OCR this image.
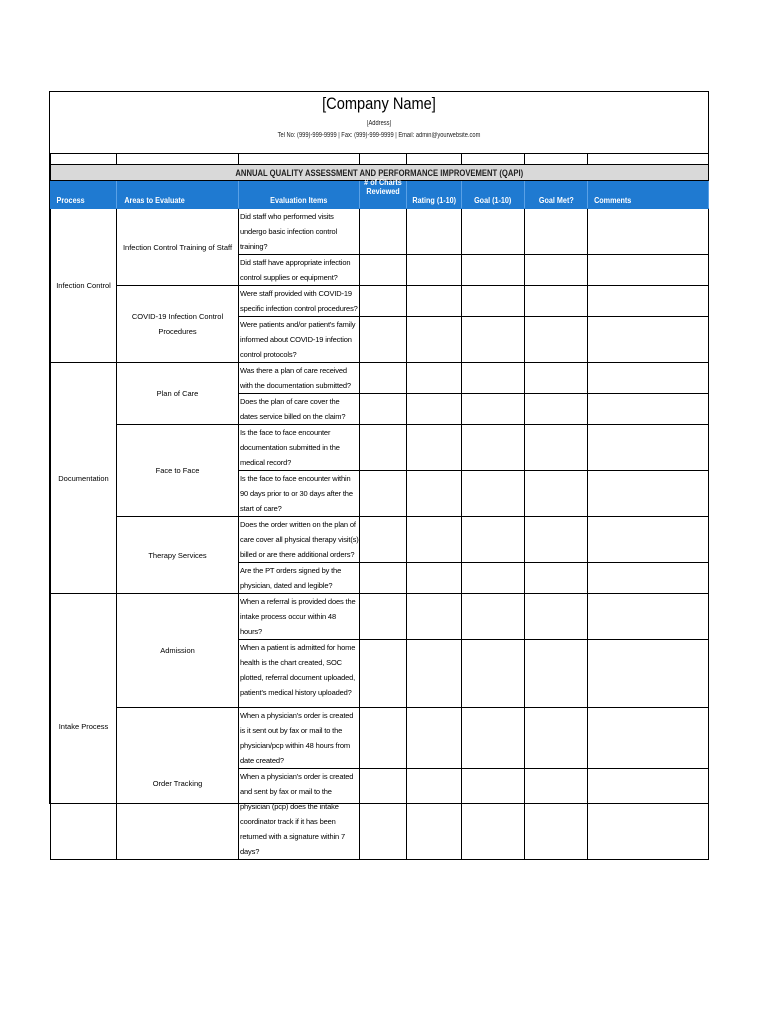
[Company Name]
[Address]
Tel No: (999)-999-9999 | Fax: (999)-999-9999 | Email: admin@yourwebsite.com

ANNUAL QUALITY ASSESSMENT AND PERFORMANCE IMPROVEMENT (QAPI)							
Process	Areas to Evaluate	Evaluation Items	# of Charts Reviewed	Rating (1-10)	Goal (1-10)	Goal Met?	Comments
Infection Control	Infection Control Training of Staff	Did staff who performed visits undergo basic infection control training?					
		Did staff have appropriate infection control supplies or equipment?					
	COVID-19 Infection Control Procedures	Were staff provided with COVID-19 specific infection control procedures?					
		Were patients and/or patient's family informed about COVID-19 infection control protocols?					
Documentation	Plan of Care	Was there a plan of care received with the documentation submitted?					
		Does the plan of care cover the dates service billed on the claim?					
	Face to Face	Is the face to face encounter documentation submitted in the medical record?					
		Is the face to face encounter within 90 days prior to or 30 days after the start of care?					
	Therapy Services	Does the order written on the plan of care cover all physical therapy visit(s) billed or are there additional orders?					
		Are the PT orders signed by the physician, dated and legible?					
Intake Process	Admission	When a referral is provided does the intake process occur within 48 hours?					
		When a patient is admitted for home health is the chart created, SOC plotted, referral document uploaded, patient's medical history uploaded?					
	Order Tracking	When a physician's order is created is it sent out by fax or mail to the physician/pcp within 48 hours from date created?					
		When a physician's order is created and sent by fax or mail to the physician (pcp) does the intake coordinator track if it has been returned with a signature within 7 days?					
